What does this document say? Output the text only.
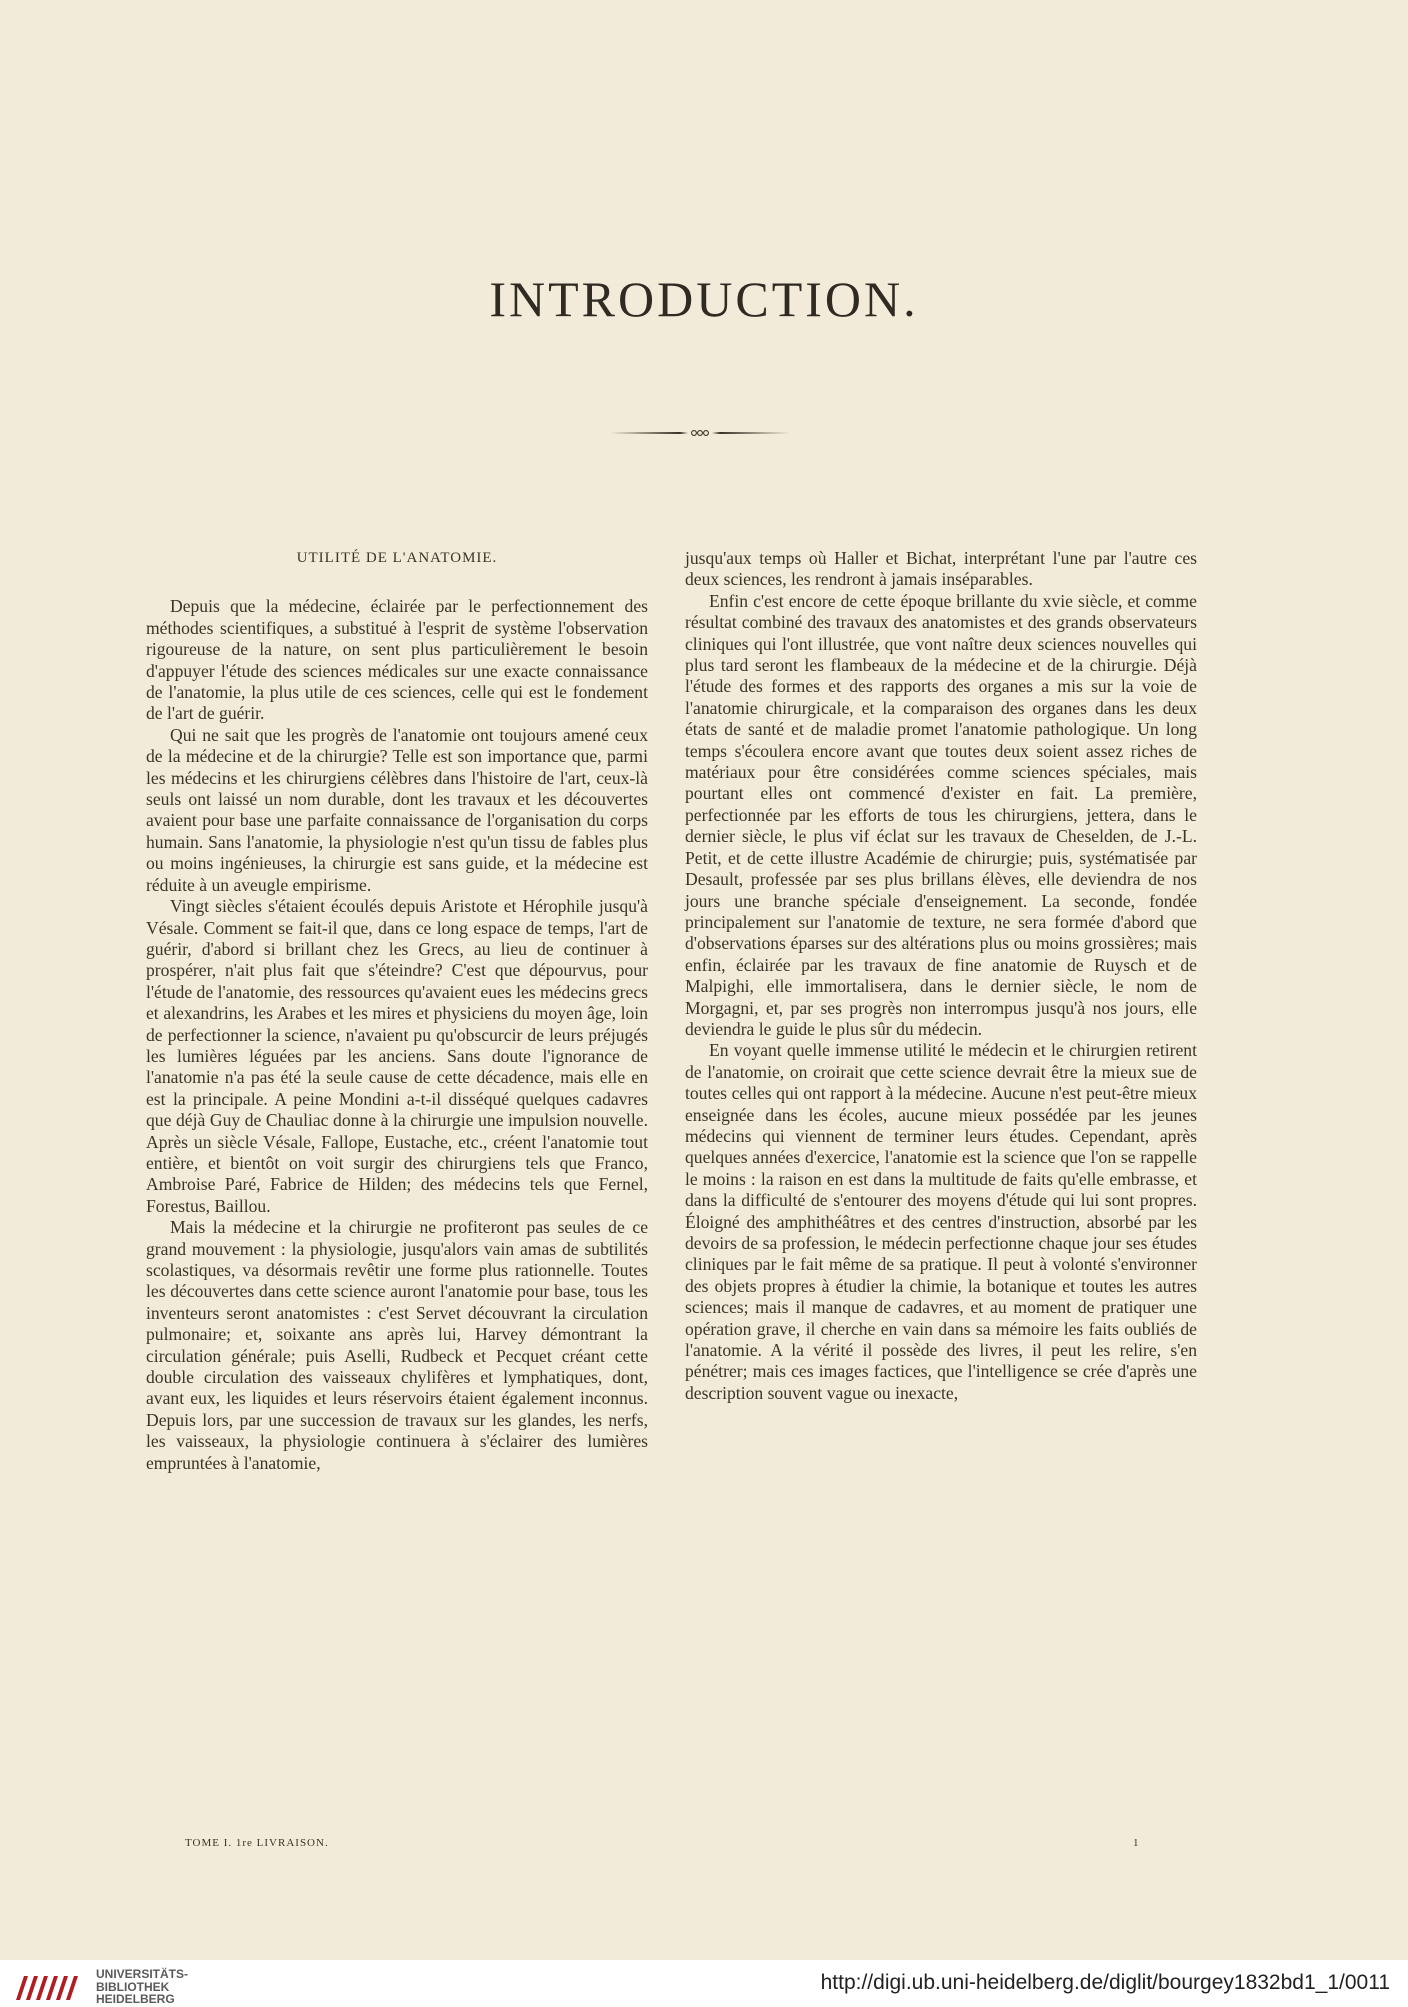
INTRODUCTION.
UTILITÉ DE L'ANATOMIE.

Depuis que la médecine, éclairée par le perfectionnement des méthodes scientifiques, a substitué à l'esprit de système l'observation rigoureuse de la nature, on sent plus particulièrement le besoin d'appuyer l'étude des sciences médicales sur une exacte connaissance de l'anatomie, la plus utile de ces sciences, celle qui est le fondement de l'art de guérir.

Qui ne sait que les progrès de l'anatomie ont toujours amené ceux de la médecine et de la chirurgie? Telle est son importance que, parmi les médecins et les chirurgiens célèbres dans l'histoire de l'art, ceux-là seuls ont laissé un nom durable, dont les travaux et les découvertes avaient pour base une parfaite connaissance de l'organisation du corps humain. Sans l'anatomie, la physiologie n'est qu'un tissu de fables plus ou moins ingénieuses, la chirurgie est sans guide, et la médecine est réduite à un aveugle empirisme.

Vingt siècles s'étaient écoulés depuis Aristote et Hérophile jusqu'à Vésale. Comment se fait-il que, dans ce long espace de temps, l'art de guérir, d'abord si brillant chez les Grecs, au lieu de continuer à prospérer, n'ait plus fait que s'éteindre? C'est que dépourvus, pour l'étude de l'anatomie, des ressources qu'avaient eues les médecins grecs et alexandrins, les Arabes et les mires et physiciens du moyen âge, loin de perfectionner la science, n'avaient pu qu'obscurcir de leurs préjugés les lumières léguées par les anciens. Sans doute l'ignorance de l'anatomie n'a pas été la seule cause de cette décadence, mais elle en est la principale. A peine Mondini a-t-il disséqué quelques cadavres que déjà Guy de Chauliac donne à la chirurgie une impulsion nouvelle. Après un siècle Vésale, Fallope, Eustache, etc., créent l'anatomie tout entière, et bientôt on voit surgir des chirurgiens tels que Franco, Ambroise Paré, Fabrice de Hilden; des médecins tels que Fernel, Forestus, Baillou.

Mais la médecine et la chirurgie ne profiteront pas seules de ce grand mouvement : la physiologie, jusqu'alors vain amas de subtilités scolastiques, va désormais revêtir une forme plus rationnelle. Toutes les découvertes dans cette science auront l'anatomie pour base, tous les inventeurs seront anatomistes : c'est Servet découvrant la circulation pulmonaire; et, soixante ans après lui, Harvey démontrant la circulation générale; puis Aselli, Rudbeck et Pecquet créant cette double circulation des vaisseaux chylifères et lymphatiques, dont, avant eux, les liquides et leurs réservoirs étaient également inconnus. Depuis lors, par une succession de travaux sur les glandes, les nerfs, les vaisseaux, la physiologie continuera à s'éclairer des lumières empruntées à l'anatomie,

jusqu'aux temps où Haller et Bichat, interprétant l'une par l'autre ces deux sciences, les rendront à jamais inséparables.

Enfin c'est encore de cette époque brillante du xvie siècle, et comme résultat combiné des travaux des anatomistes et des grands observateurs cliniques qui l'ont illustrée, que vont naître deux sciences nouvelles qui plus tard seront les flambeaux de la médecine et de la chirurgie. Déjà l'étude des formes et des rapports des organes a mis sur la voie de l'anatomie chirurgicale, et la comparaison des organes dans les deux états de santé et de maladie promet l'anatomie pathologique. Un long temps s'écoulera encore avant que toutes deux soient assez riches de matériaux pour être considérées comme sciences spéciales, mais pourtant elles ont commencé d'exister en fait. La première, perfectionnée par les efforts de tous les chirurgiens, jettera, dans le dernier siècle, le plus vif éclat sur les travaux de Cheselden, de J.-L. Petit, et de cette illustre Académie de chirurgie; puis, systématisée par Desault, professée par ses plus brillans élèves, elle deviendra de nos jours une branche spéciale d'enseignement. La seconde, fondée principalement sur l'anatomie de texture, ne sera formée d'abord que d'observations éparses sur des altérations plus ou moins grossières; mais enfin, éclairée par les travaux de fine anatomie de Ruysch et de Malpighi, elle immortalisera, dans le dernier siècle, le nom de Morgagni, et, par ses progrès non interrompus jusqu'à nos jours, elle deviendra le guide le plus sûr du médecin.

En voyant quelle immense utilité le médecin et le chirurgien retirent de l'anatomie, on croirait que cette science devrait être la mieux sue de toutes celles qui ont rapport à la médecine. Aucune n'est peut-être mieux enseignée dans les écoles, aucune mieux possédée par les jeunes médecins qui viennent de terminer leurs études. Cependant, après quelques années d'exercice, l'anatomie est la science que l'on se rappelle le moins : la raison en est dans la multitude de faits qu'elle embrasse, et dans la difficulté de s'entourer des moyens d'étude qui lui sont propres. Éloigné des amphithéâtres et des centres d'instruction, absorbé par les devoirs de sa profession, le médecin perfectionne chaque jour ses études cliniques par le fait même de sa pratique. Il peut à volonté s'environner des objets propres à étudier la chimie, la botanique et toutes les autres sciences; mais il manque de cadavres, et au moment de pratiquer une opération grave, il cherche en vain dans sa mémoire les faits oubliés de l'anatomie. A la vérité il possède des livres, il peut les relire, s'en pénétrer; mais ces images factices, que l'intelligence se crée d'après une description souvent vague ou inexacte,

TOME I. 1re LIVRAISON.	1
UNIVERSITÄTS-
BIBLIOTHEK
HEIDELBERG
http://digi.ub.uni-heidelberg.de/diglit/bourgey1832bd1_1/0011
